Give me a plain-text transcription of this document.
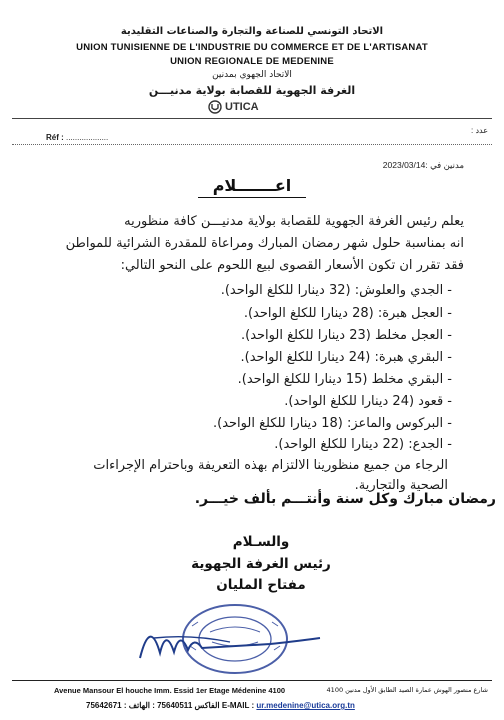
الاتحاد التونسي للصناعة والتجارة والصناعات التقليدية
UNION TUNISIENNE DE L'INDUSTRIE DU COMMERCE ET DE L'ARTISANAT
UNION REGIONALE DE MEDENINE
الاتحاد الجهوي بمدنين
الغرفة الجهوية للقصابة بولاية مدنيـــن
UTICA
Réf : ...................
عدد :
مدنين في :2023/03/14
اعـــــــلام
يعلم رئيس الغرفة الجهوية للقصابة بولاية مدنيـــن كافة منظوريه
انه بمناسبة حلول شهر رمضان المبارك ومراعاة للمقدرة الشرائية للمواطن
فقد تقرر ان تكون الأسعار القصوى لبيع اللحوم على النحو التالي:
- الجدي والعلوش: (32 دينارا للكلغ الواحد).
- العجل هبرة: (28 دينارا للكلغ الواحد).
- العجل مخلط (23 دينارا للكلغ الواحد).
- البقري هبرة: (24 دينارا للكلغ الواحد).
- البقري مخلط (15 دينارا للكلغ الواحد).
- قعود (24 دينارا للكلغ الواحد).
- البركوس والماعز: (18 دينارا للكلغ الواحد).
- الجدع: (22 دينارا للكلغ الواحد).
الرجاء من جميع منظورينا الالتزام بهذه التعريفة وباحترام الإجراءات
الصحية والتجارية.
رمضان مبارك وكل سنة وأنتـــم بألف خيـــر.
والسـلام
رئيس الغرفة الجهوية
مفتاح المليان
Avenue Mansour El houche Imm. Essid 1er Etage Médenine 4100	شارع منصور الهوش عمارة الصيد الطابق الأول مدنين 4100
75642671 : الفاكس 75640511 : الهاتف E-MAIL : ur.medenine@utica.org.tn
